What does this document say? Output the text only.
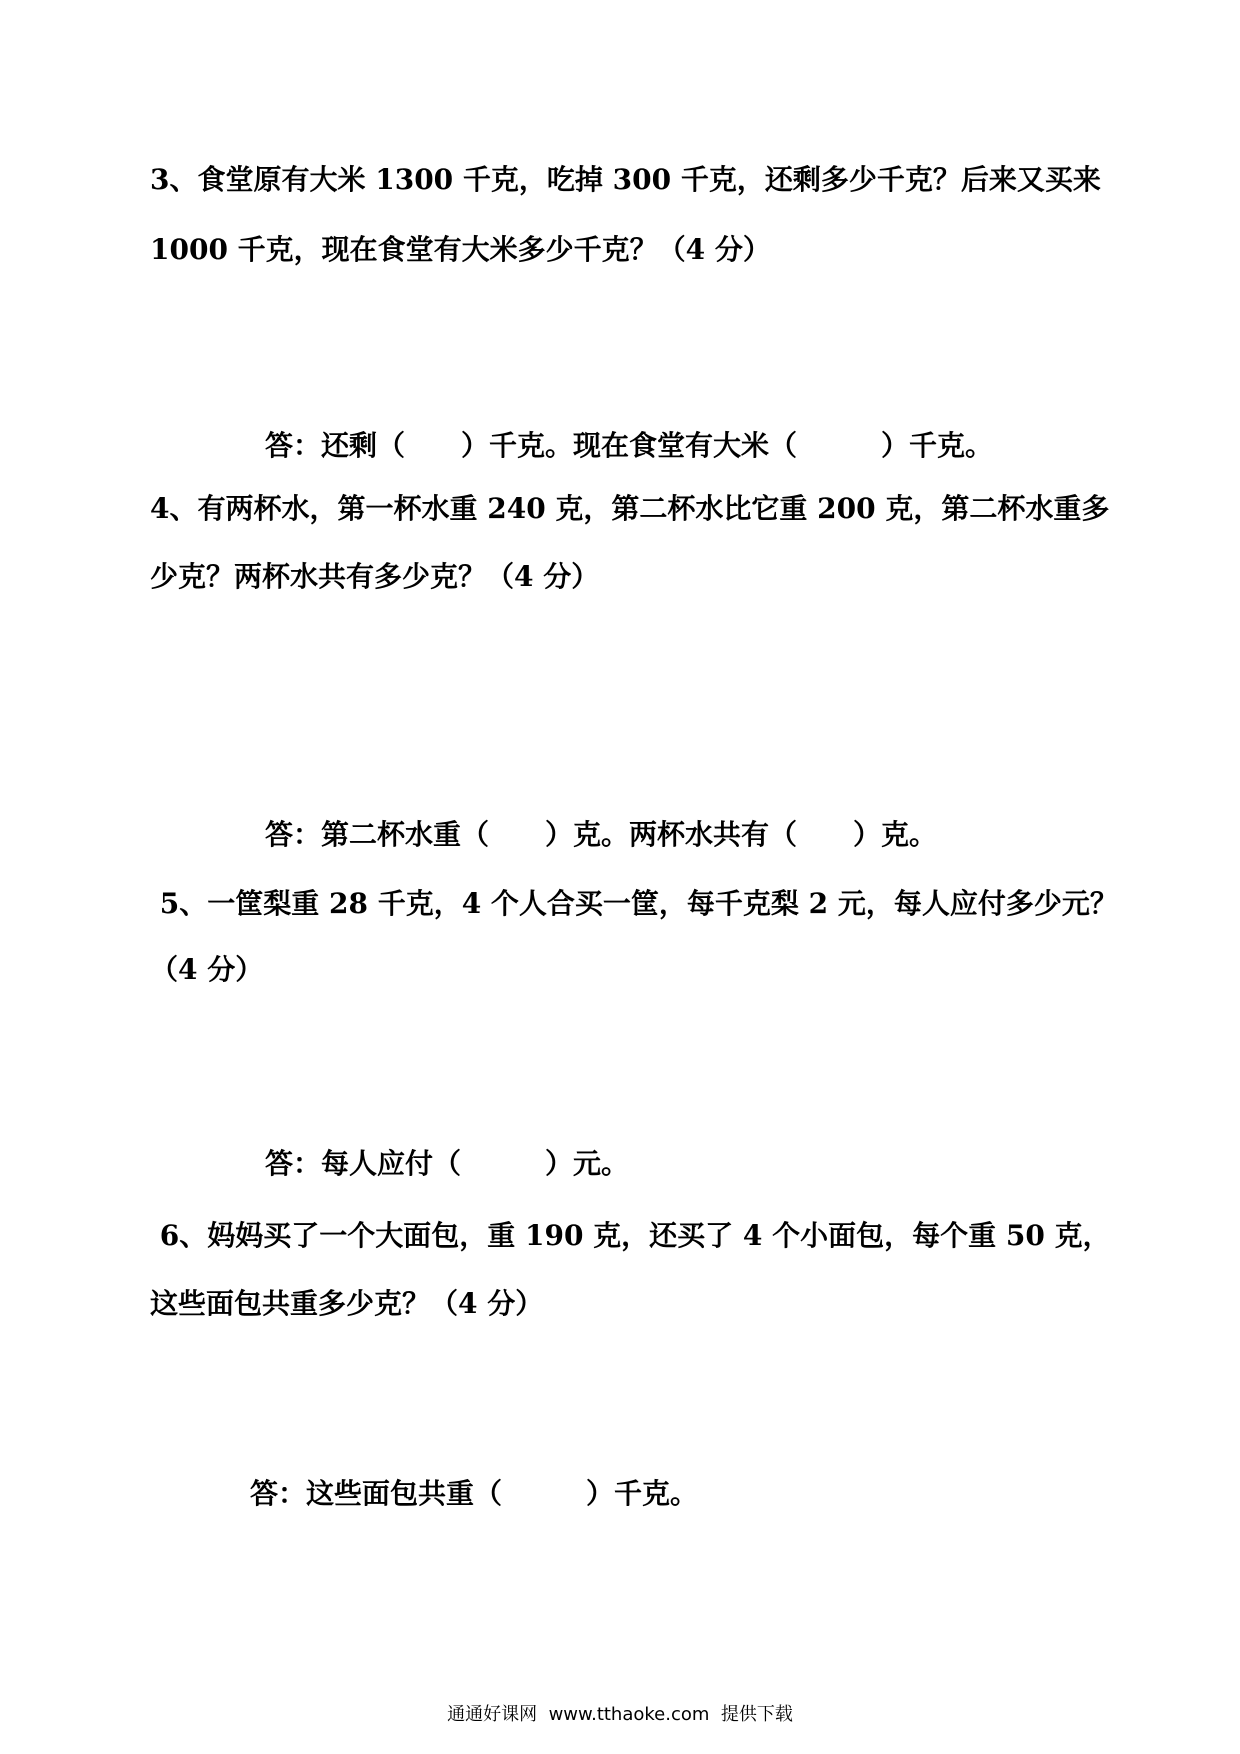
3、食堂原有大米 1300 千克，吃掉 300 千克，还剩多少千克？后来又买来
1000 千克，现在食堂有大米多少千克？（4 分）
答：还剩（　　）千克。现在食堂有大米（　　　）千克。
4、有两杯水，第一杯水重 240 克，第二杯水比它重 200 克，第二杯水重多
少克？两杯水共有多少克？（4 分）
答：第二杯水重（　　）克。两杯水共有（　　）克。
5、一筐梨重 28 千克，4 个人合买一筐，每千克梨 2 元，每人应付多少元？
（4 分）
答：每人应付（　　　）元。
6、妈妈买了一个大面包，重 190 克，还买了 4 个小面包，每个重 50 克，
这些面包共重多少克？（4 分）
答：这些面包共重（　　　）千克。
通通好课网  www.tthaoke.com  提供下载
